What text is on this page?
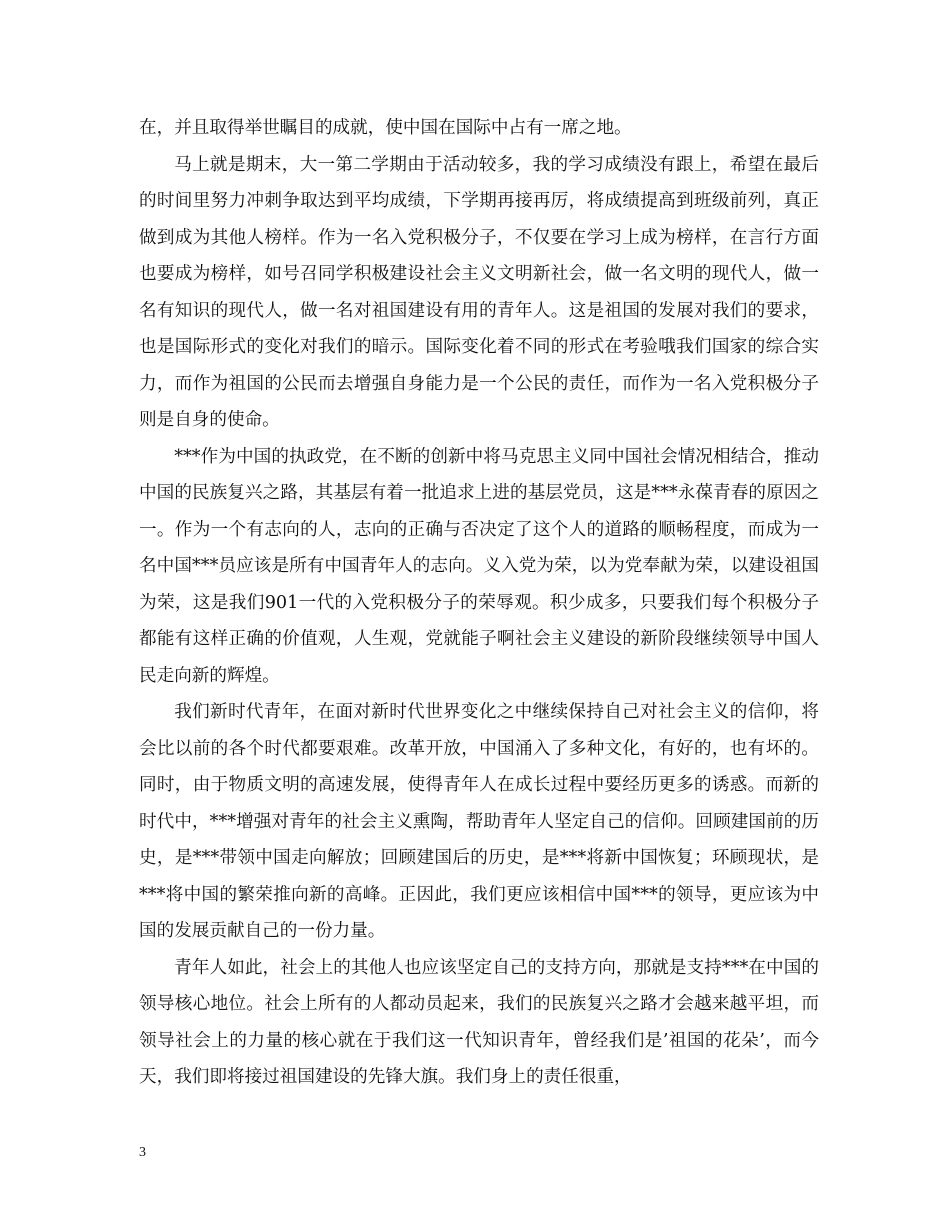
在，并且取得举世瞩目的成就，使中国在国际中占有一席之地。

马上就是期末，大一第二学期由于活动较多，我的学习成绩没有跟上，希望在最后的时间里努力冲刺争取达到平均成绩，下学期再接再厉，将成绩提高到班级前列，真正做到成为其他人榜样。作为一名入党积极分子，不仅要在学习上成为榜样，在言行方面也要成为榜样，如号召同学积极建设社会主义文明新社会，做一名文明的现代人，做一名有知识的现代人，做一名对祖国建设有用的青年人。这是祖国的发展对我们的要求，也是国际形式的变化对我们的暗示。国际变化着不同的形式在考验哦我们国家的综合实力，而作为祖国的公民而去增强自身能力是一个公民的责任，而作为一名入党积极分子则是自身的使命。

***作为中国的执政党，在不断的创新中将马克思主义同中国社会情况相结合，推动中国的民族复兴之路，其基层有着一批追求上进的基层党员，这是***永葆青春的原因之一。作为一个有志向的人，志向的正确与否决定了这个人的道路的顺畅程度，而成为一名中国***员应该是所有中国青年人的志向。义入党为荣，以为党奉献为荣，以建设祖国为荣，这是我们901一代的入党积极分子的荣辱观。积少成多，只要我们每个积极分子都能有这样正确的价值观，人生观，党就能子啊社会主义建设的新阶段继续领导中国人民走向新的辉煌。

我们新时代青年，在面对新时代世界变化之中继续保持自己对社会主义的信仰，将会比以前的各个时代都要艰难。改革开放，中国涌入了多种文化，有好的，也有坏的。同时，由于物质文明的高速发展，使得青年人在成长过程中要经历更多的诱惑。而新的时代中，***增强对青年的社会主义熏陶，帮助青年人坚定自己的信仰。回顾建国前的历史，是***带领中国走向解放；回顾建国后的历史，是***将新中国恢复；环顾现状，是***将中国的繁荣推向新的高峰。正因此，我们更应该相信中国***的领导，更应该为中国的发展贡献自己的一份力量。

青年人如此，社会上的其他人也应该坚定自己的支持方向，那就是支持***在中国的领导核心地位。社会上所有的人都动员起来，我们的民族复兴之路才会越来越平坦，而领导社会上的力量的核心就在于我们这一代知识青年，曾经我们是’祖国的花朵’，而今天，我们即将接过祖国建设的先锋大旗。我们身上的责任很重，

3
